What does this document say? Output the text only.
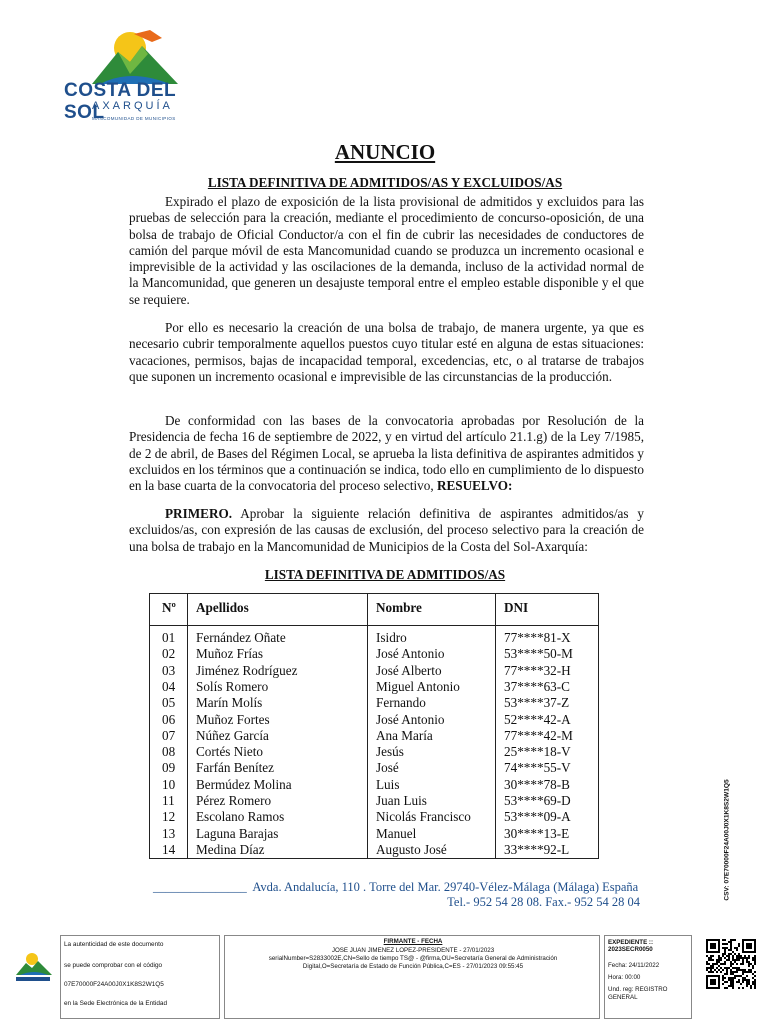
COSTA DEL SOL
AXARQUÍA
MANCOMUNIDAD DE MUNICIPIOS
ANUNCIO
LISTA DEFINITIVA DE ADMITIDOS/AS Y EXCLUIDOS/AS

Expirado el plazo de exposición de la lista provisional de admitidos y excluidos para las pruebas de selección para la creación, mediante el procedimiento de concurso-oposición, de una bolsa de trabajo de Oficial Conductor/a con el fin de cubrir las necesidades de conductores de camión del parque móvil de esta Mancomunidad cuando se produzca un incremento ocasional e imprevisible de la actividad y las oscilaciones de la demanda, incluso de la actividad normal de la Mancomunidad, que generen un desajuste temporal entre el empleo estable disponible y el que se requiere.

Por ello es necesario la creación de una bolsa de trabajo, de manera urgente, ya que es necesario cubrir temporalmente aquellos puestos cuyo titular esté en alguna de estas situaciones: vacaciones, permisos, bajas de incapacidad temporal, excedencias, etc, o al tratarse de trabajos que suponen un incremento ocasional e imprevisible de las circunstancias de la producción.

De conformidad con las bases de la convocatoria aprobadas por Resolución de la Presidencia de fecha 16 de septiembre de 2022, y en virtud del artículo 21.1.g) de la Ley 7/1985, de 2 de abril, de Bases del Régimen Local, se aprueba la lista definitiva de aspirantes admitidos y excluidos en los términos que a continuación se indica, todo ello en cumplimiento de lo dispuesto en la base cuarta de la convocatoria del proceso selectivo, RESUELVO:

PRIMERO. Aprobar la siguiente relación definitiva de aspirantes admitidos/as y excluidos/as, con expresión de las causas de exclusión, del proceso selectivo para la creación de una bolsa de trabajo en la Mancomunidad de Municipios de la Costa del Sol-Axarquía:

LISTA DEFINITIVA DE ADMITIDOS/AS
Nº Apellidos	Nombre	DNI
01 Fernández Oñate	Isidro	77****81-X
02 Muñoz Frías	José Antonio	53****50-M
03 Jiménez Rodríguez	José Alberto	77****32-H
04 Solís Romero	Miguel Antonio	37****63-C
05 Marín Molís	Fernando	53****37-Z
06 Muñoz Fortes	José Antonio	52****42-A
07 Núñez García	Ana María	77****42-M
08 Cortés Nieto	Jesús	25****18-V
09 Farfán Benítez	José	74****55-V
10 Bermúdez Molina	Luis	30****78-B
11 Pérez Romero	Juan Luis	53****69-D
12 Escolano Ramos	Nicolás Francisco	53****09-A
13 Laguna Barajas	Manuel	30****13-E
14 Medina Díaz	Augusto José	33****92-L
_______________ Avda. Andalucía, 110 . Torre del Mar. 29740-Vélez-Málaga (Málaga) España
Tel.- 952 54 28 08. Fax.- 952 54 28 04
CSV: 07E70000F24A00J0X1K8S2W1Q5
La autenticidad de este documento
se puede comprobar con el código
07E70000F24A00J0X1K8S2W1Q5
en la Sede Electrónica de la Entidad
FIRMANTE - FECHA
JOSE JUAN JIMENEZ LOPEZ-PRESIDENTE - 27/01/2023
serialNumber=S2833002E,CN=Sello de tiempo TS@ - @firma,OU=Secretaría General de Administración
Digital,O=Secretaría de Estado de Función Pública,C=ES - 27/01/2023 09:55:45
EXPEDIENTE ::
2023SECR0050
Fecha: 24/11/2022
Hora: 00:00
Und. reg: REGISTRO GENERAL
